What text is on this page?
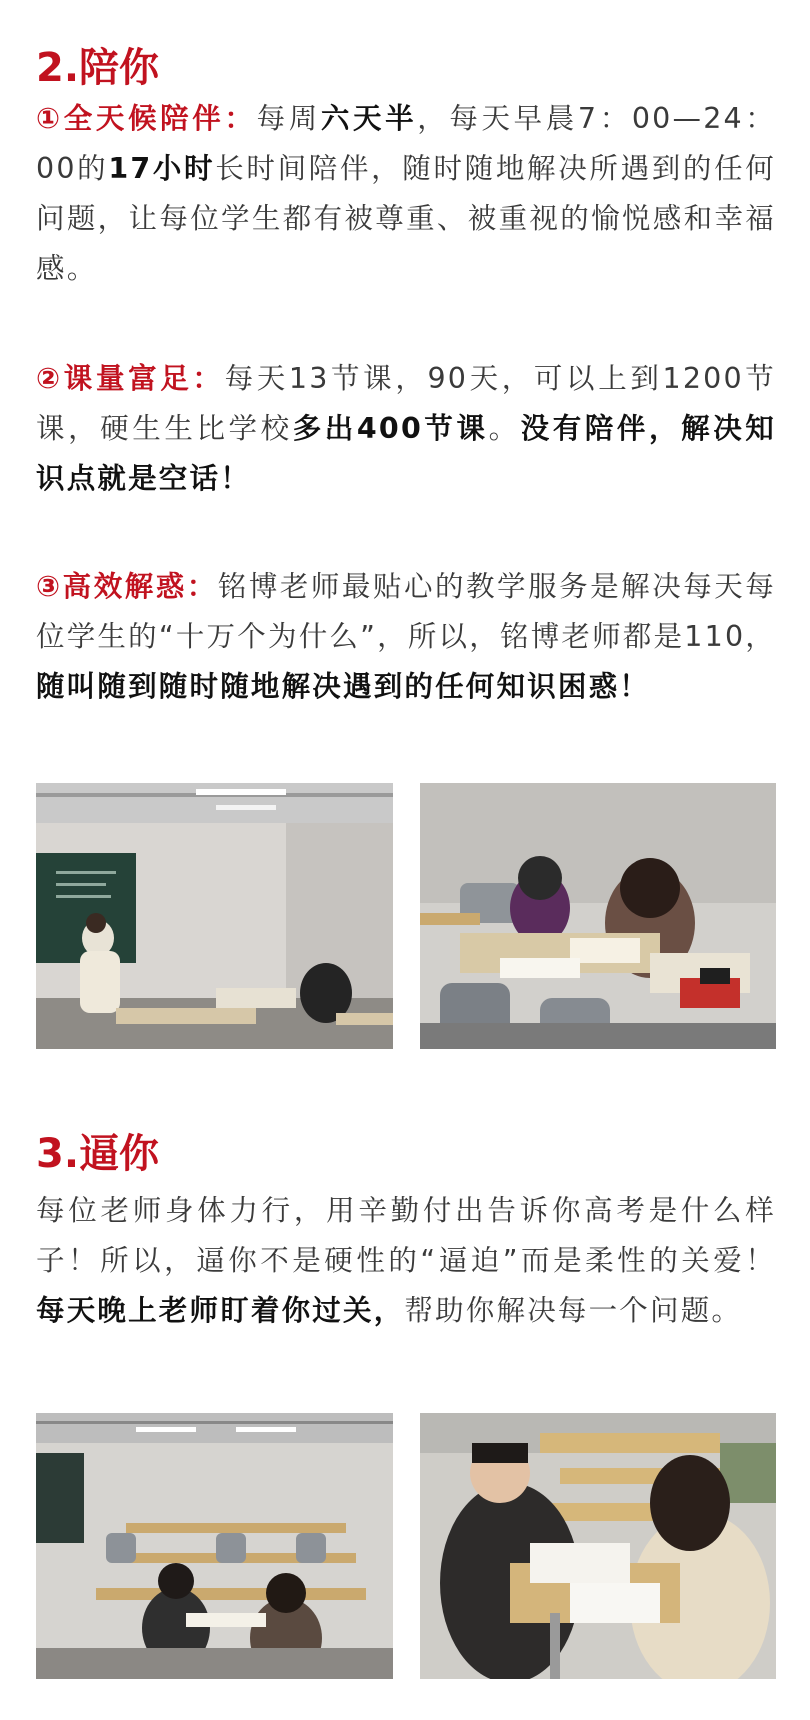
2.陪你

①全天候陪伴：每周六天半，每天早晨7：00—24：00的17小时长时间陪伴，随时随地解决所遇到的任何问题，让每位学生都有被尊重、被重视的愉悦感和幸福感。

②课量富足：每天13节课，90天，可以上到1200节课，硬生生比学校多出400节课。没有陪伴，解决知识点就是空话！

③高效解惑：铭博老师最贴心的教学服务是解决每天每位学生的“十万个为什么”，所以，铭博老师都是110，随叫随到随时随地解决遇到的任何知识困惑！

3.逼你

每位老师身体力行，用辛勤付出告诉你高考是什么样子！所以，逼你不是硬性的“逼迫”而是柔性的关爱！每天晚上老师盯着你过关，帮助你解决每一个问题。
